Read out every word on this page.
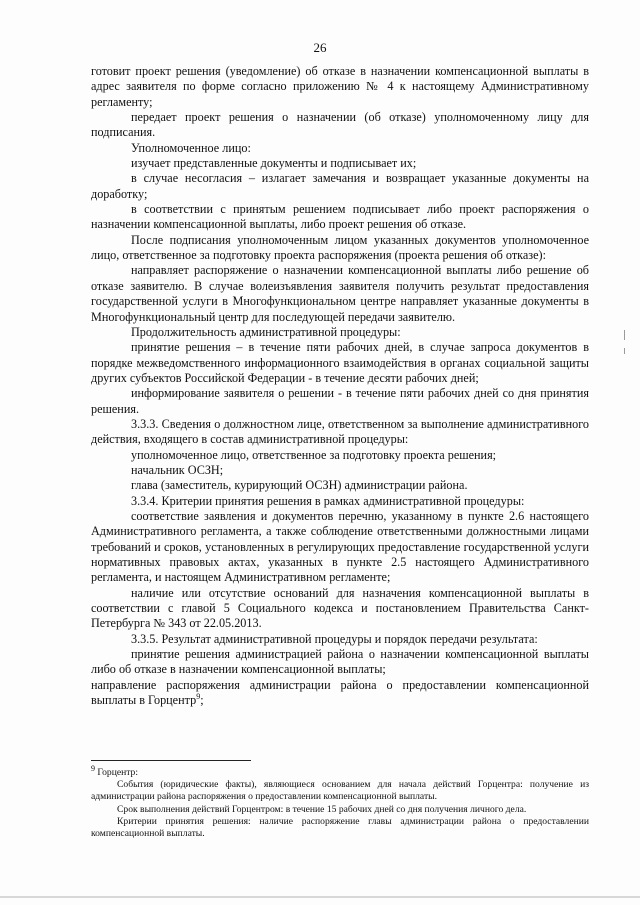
26

готовит проект решения (уведомление) об отказе в назначении компенсационной выплаты в адрес заявителя по форме согласно приложению № 4 к настоящему Административному регламенту;

передает проект решения о назначении (об отказе) уполномоченному лицу для подписания.

Уполномоченное лицо:

изучает представленные документы и подписывает их;

в случае несогласия – излагает замечания и возвращает указанные документы на доработку;

в соответствии с принятым решением подписывает либо проект распоряжения о назначении компенсационной выплаты, либо проект решения об отказе.

После подписания уполномоченным лицом указанных документов уполномоченное лицо, ответственное за подготовку проекта распоряжения (проекта решения об отказе):

направляет распоряжение о назначении компенсационной выплаты либо решение об отказе заявителю. В случае волеизъявления заявителя получить результат предоставления государственной услуги в Многофункциональном центре направляет указанные документы в Многофункциональный центр для последующей передачи заявителю.

Продолжительность административной процедуры:

принятие решения – в течение пяти рабочих дней, в случае запроса документов в порядке межведомственного информационного взаимодействия в органах социальной защиты других субъектов Российской Федерации - в течение десяти рабочих дней;

информирование заявителя о решении - в течение пяти рабочих дней со дня принятия решения.

3.3.3. Сведения о должностном лице, ответственном за выполнение административного действия, входящего в состав административной процедуры:

уполномоченное лицо, ответственное за подготовку проекта решения;

начальник ОСЗН;

глава (заместитель, курирующий ОСЗН) администрации района.

3.3.4. Критерии принятия решения в рамках административной процедуры:

соответствие заявления и документов перечню, указанному в пункте 2.6 настоящего Административного регламента, а также соблюдение ответственными должностными лицами требований и сроков, установленных в регулирующих предоставление государственной услуги нормативных правовых актах, указанных в пункте 2.5 настоящего Административного регламента, и настоящем Административном регламенте;

наличие или отсутствие оснований для назначения компенсационной выплаты в соответствии с главой 5 Социального кодекса и постановлением Правительства Санкт-Петербурга № 343 от 22.05.2013.

3.3.5. Результат административной процедуры и порядок передачи результата:

принятие решения администрацией района о назначении компенсационной выплаты либо об отказе в назначении компенсационной выплаты;

направление распоряжения администрации района о предоставлении компенсационной выплаты в Горцентр$^9$;

$^9$ Горцентр:

События (юридические факты), являющиеся основанием для начала действий Горцентра: получение из администрации района распоряжения о предоставлении компенсационной выплаты.

Срок выполнения действий Горцентром: в течение 15 рабочих дней со дня получения личного дела.

Критерии принятия решения: наличие распоряжение главы администрации района о предоставлении компенсационной выплаты.
